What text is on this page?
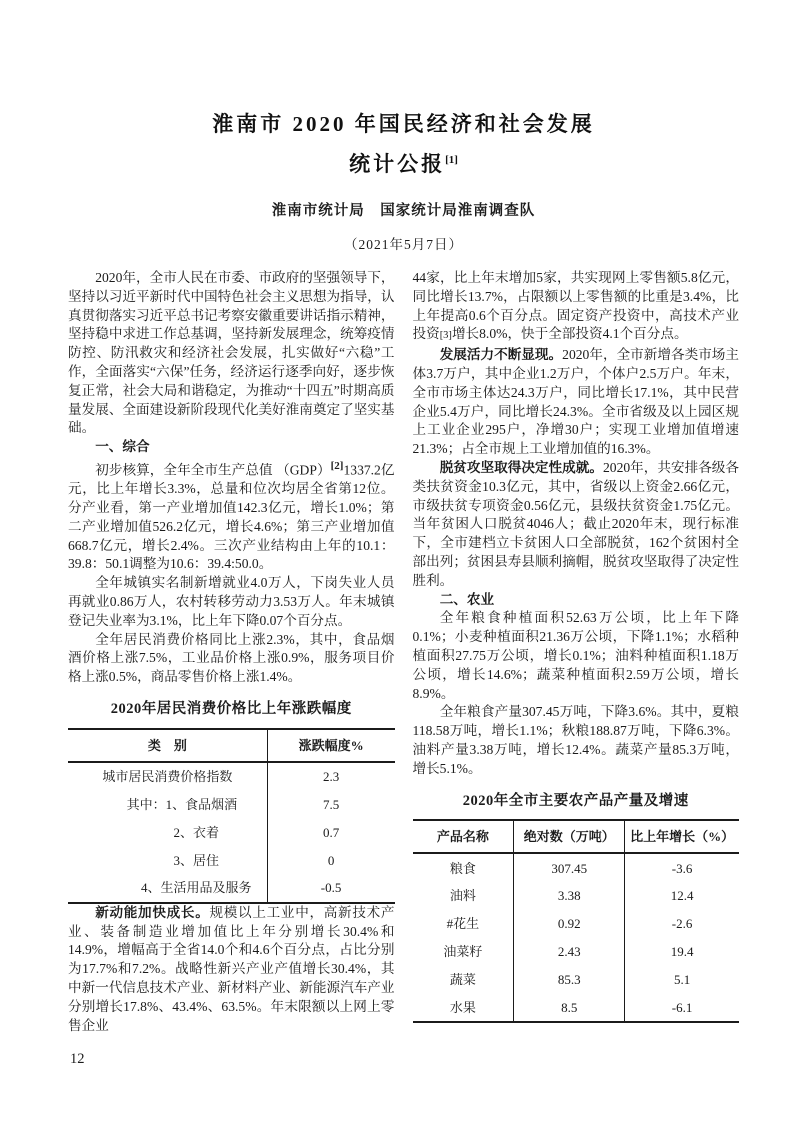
淮南市 2020 年国民经济和社会发展
统计公报[1]
淮南市统计局　国家统计局淮南调查队
（2021年5月7日）

2020年，全市人民在市委、市政府的坚强领导下，坚持以习近平新时代中国特色社会主义思想为指导，认真贯彻落实习近平总书记考察安徽重要讲话指示精神，坚持稳中求进工作总基调，坚持新发展理念，统筹疫情防控、防汛救灾和经济社会发展，扎实做好“六稳”工作，全面落实“六保”任务，经济运行逐季向好，逐步恢复正常，社会大局和谐稳定，为推动“十四五”时期高质量发展、全面建设新阶段现代化美好淮南奠定了坚实基础。

一、综合

初步核算，全年全市生产总值 （GDP）[2]1337.2亿元，比上年增长3.3%，总量和位次均居全省第12位。分产业看，第一产业增加值142.3亿元，增长1.0%；第二产业增加值526.2亿元，增长4.6%；第三产业增加值668.7亿元，增长2.4%。三次产业结构由上年的10.1：39.8：50.1调整为10.6：39.4:50.0。

全年城镇实名制新增就业4.0万人，下岗失业人员再就业0.86万人，农村转移劳动力3.53万人。年末城镇登记失业率为3.1%，比上年下降0.07个百分点。

全年居民消费价格同比上涨2.3%，其中，食品烟酒价格上涨7.5%，工业品价格上涨0.9%，服务项目价格上涨0.5%，商品零售价格上涨1.4%。

2020年居民消费价格比上年涨跌幅度

类　别	涨跌幅度%
城市居民消费价格指数	2.3
其中：1、食品烟酒	7.5
2、衣着	0.7
3、居住	0
4、生活用品及服务	-0.5

新动能加快成长。规模以上工业中，高新技术产业、装备制造业增加值比上年分别增长30.4%和14.9%，增幅高于全省14.0个和4.6个百分点，占比分别为17.7%和7.2%。战略性新兴产业产值增长30.4%，其中新一代信息技术产业、新材料产业、新能源汽车产业分别增长17.8%、43.4%、63.5%。年末限额以上网上零售企业

44家，比上年末增加5家，共实现网上零售额5.8亿元，同比增长13.7%，占限额以上零售额的比重是3.4%，比上年提高0.6个百分点。固定资产投资中，高技术产业投资[3]增长8.0%，快于全部投资4.1个百分点。

发展活力不断显现。2020年，全市新增各类市场主体3.7万户，其中企业1.2万户，个体户2.5万户。年末，全市市场主体达24.3万户，同比增长17.1%，其中民营企业5.4万户，同比增长24.3%。全市省级及以上园区规上工业企业295户，净增30户；实现工业增加值增速21.3%；占全市规上工业增加值的16.3%。

脱贫攻坚取得决定性成就。2020年，共安排各级各类扶贫资金10.3亿元，其中，省级以上资金2.66亿元，市级扶贫专项资金0.56亿元，县级扶贫资金1.75亿元。当年贫困人口脱贫4046人；截止2020年末，现行标准下，全市建档立卡贫困人口全部脱贫，162个贫困村全部出列；贫困县寿县顺利摘帽，脱贫攻坚取得了决定性胜利。

二、农业

全年粮食种植面积52.63万公顷，比上年下降0.1%；小麦种植面积21.36万公顷，下降1.1%；水稻种植面积27.75万公顷，增长0.1%；油料种植面积1.18万公顷，增长14.6%；蔬菜种植面积2.59万公顷，增长8.9%。

全年粮食产量307.45万吨，下降3.6%。其中，夏粮118.58万吨，增长1.1%；秋粮188.87万吨，下降6.3%。油料产量3.38万吨，增长12.4%。蔬菜产量85.3万吨，增长5.1%。

2020年全市主要农产品产量及增速

产品名称	绝对数（万吨）	比上年增长（%）
粮食	307.45	-3.6
油料	3.38	12.4
#花生	0.92	-2.6
油菜籽	2.43	19.4
蔬菜	85.3	5.1
水果	8.5	-6.1
12
